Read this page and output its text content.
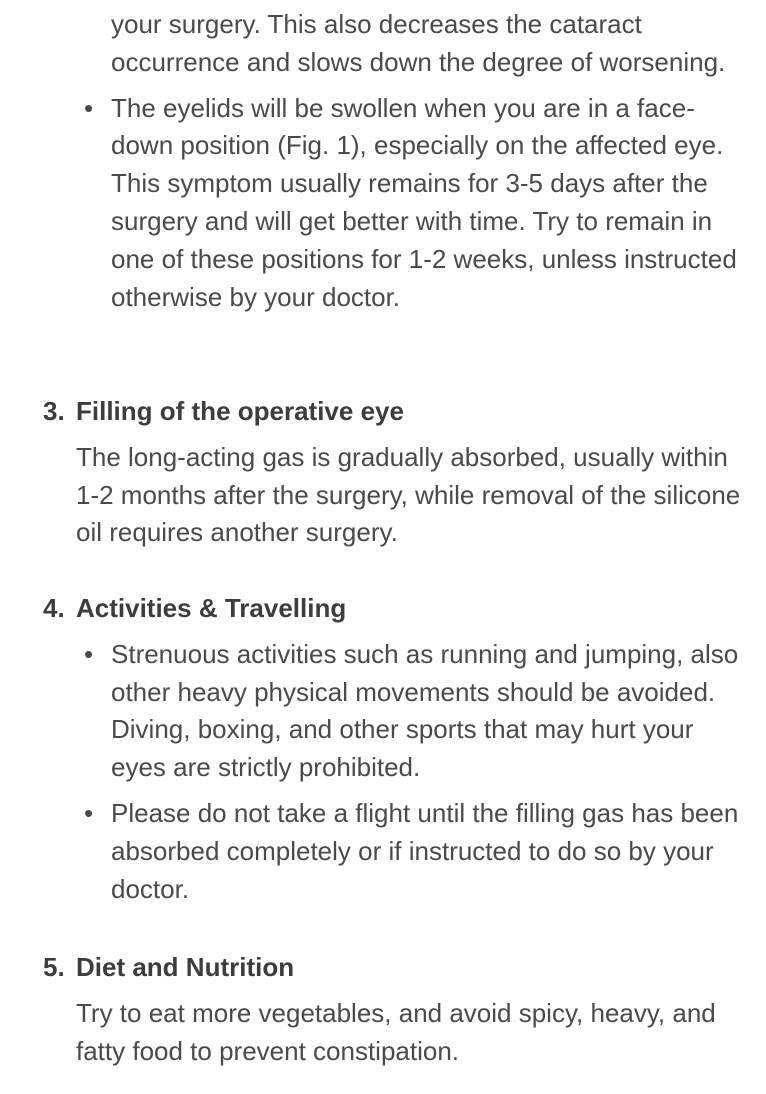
your surgery. This also decreases the cataract occurrence and slows down the degree of worsening.
• The eyelids will be swollen when you are in a face-down position (Fig. 1), especially on the affected eye. This symptom usually remains for 3-5 days after the surgery and will get better with time. Try to remain in one of these positions for 1-2 weeks, unless instructed otherwise by your doctor.
3. Filling of the operative eye

The long-acting gas is gradually absorbed, usually within 1-2 months after the surgery, while removal of the silicone oil requires another surgery.

4. Activities & Travelling
• Strenuous activities such as running and jumping, also other heavy physical movements should be avoided. Diving, boxing, and other sports that may hurt your eyes are strictly prohibited.
• Please do not take a flight until the filling gas has been absorbed completely or if instructed to do so by your doctor.
5. Diet and Nutrition

Try to eat more vegetables, and avoid spicy, heavy, and fatty food to prevent constipation.
